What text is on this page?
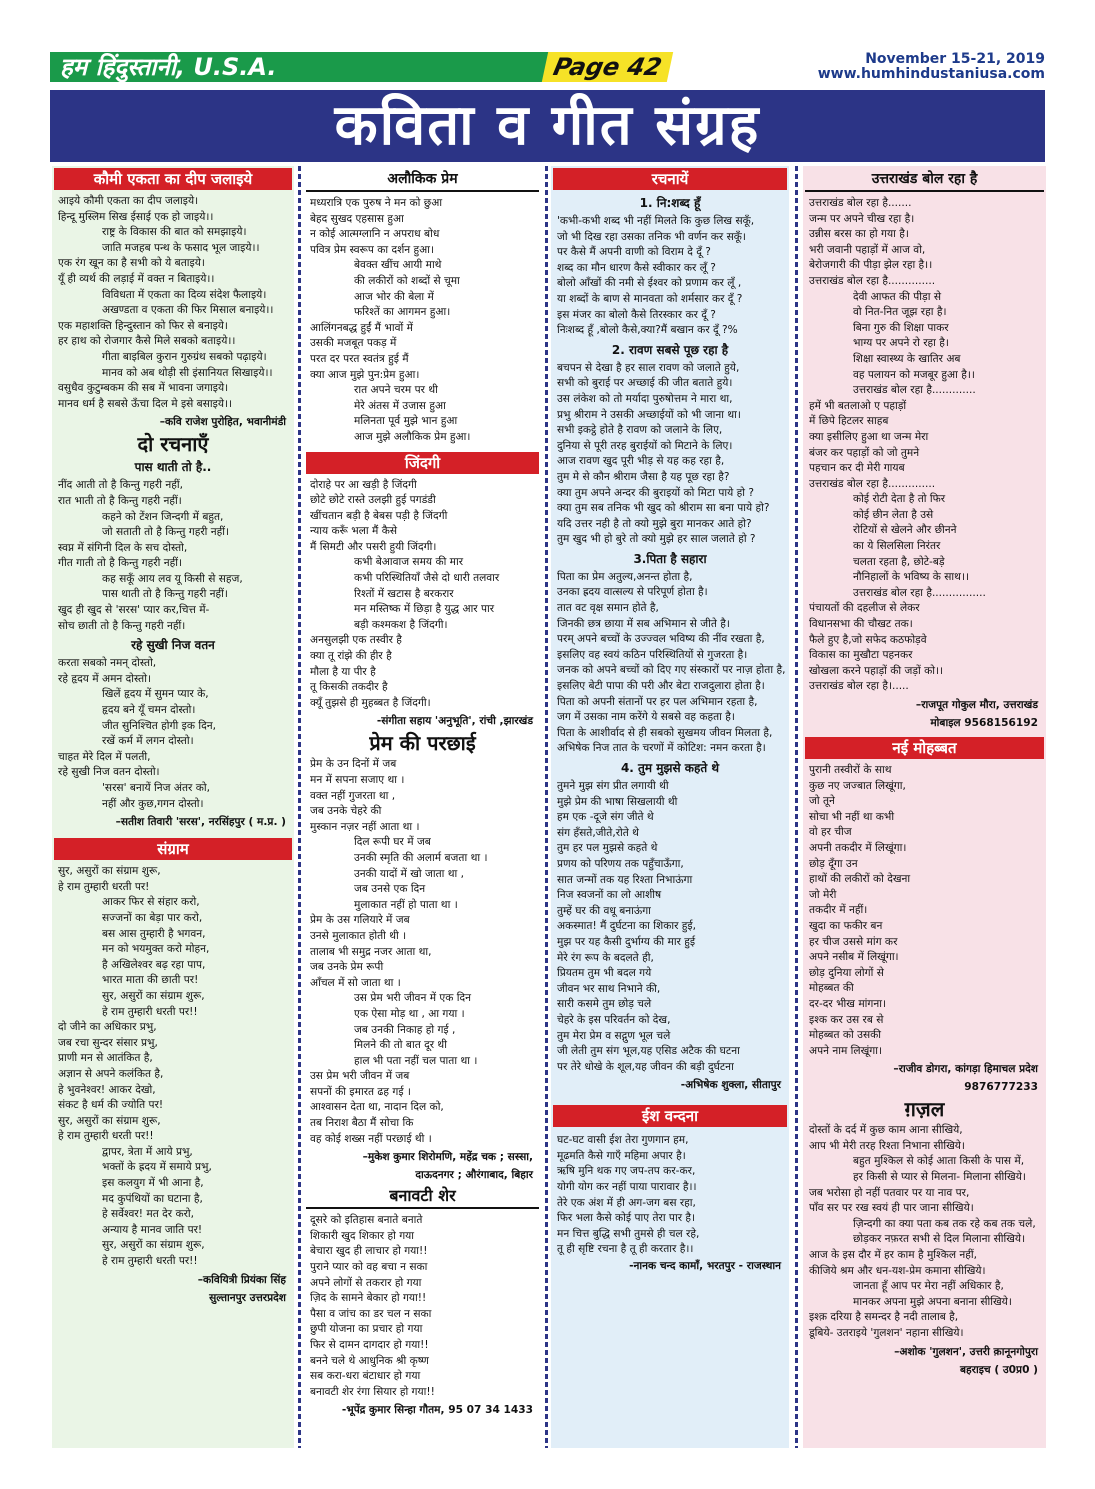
हम हिंदुस्तानी, U.S.A.	Page 42	November 15-21, 2019
www.humhindustaniusa.com
कविता व गीत संग्रह
कौमी एकता का दीप जलाइये
आइये कौमी एकता का दीप जलाइये।
हिन्दू मुस्लिम सिख ईसाई एक हो जाइये।।
राष्ट्र के विकास की बात को समझाइये।
जाति मजहब पन्थ के फसाद भूल जाइये।।
एक रंग खून का है सभी को ये बताइये।
यूँ ही व्यर्थ की लड़ाई में वक्त न बिताइये।।
विविधता में एकता का दिव्य संदेश फैलाइये।
अखण्डता व एकता की फिर मिसाल बनाइये।।
एक महाशक्ति हिन्दुस्तान को फिर से बनाइये।
हर हाथ को रोजगार कैसे मिले सबको बताइये।।
गीता बाइबिल कुरान गुरुग्रंथ सबको पढ़ाइये।
मानव को अब थोड़ी सी इंसानियत सिखाइये।।
वसुधैव कुटुम्बकम की सब में भावना जगाइये।
मानव धर्म है सबसे ऊँचा दिल मे इसे बसाइये।।
–कवि राजेश पुरोहित, भवानीमंडी
दो रचनाएँ
पास थाती तो है..
नींद आती तो है किन्तु गहरी नहीं,
रात भाती तो है किन्तु गहरी नहीं।
कहने को टेंशन जिन्दगी में बहुत,
जो सताती तो है किन्तु गहरी नहीं।
स्वप्न में संगिनी दिल के सच दोस्तो,
गीत गाती तो है किन्तु गहरी नहीं।
कह सकूँ आय लव यू किसी से सहज,
पास थाती तो है किन्तु गहरी नहीं।
खुद ही खुद से 'सरस' प्यार कर,चित्त में-
सोच छाती तो है किन्तु गहरी नहीं।
रहे सुखी निज वतन
करता सबको नमन् दोस्तो,
रहे हृदय में अमन दोस्तो।
खिलें हृदय में सुमन प्यार के,
हृदय बने यूँ चमन दोस्तो।
जीत सुनिश्चित होगी इक दिन,
रखें कर्म में लगन दोस्तो।
चाहत मेरे दिल में पलती,
रहे सुखी निज वतन दोस्तो।
'सरस' बनायें निज अंतर को,
नहीं और कुछ,गगन दोस्तो।
–सतीश तिवारी 'सरस', नरसिंहपुर ( म.प्र. )
संग्राम
सुर, असुरों का संग्राम शुरू,
हे राम तुम्हारी धरती पर!
आकर फिर से संहार करो,
सज्जनों का बेड़ा पार करो,
बस आस तुम्हारी है भगवन,
मन को भयमुक्त करो मोहन,
है अखिलेश्वर बढ़ रहा पाप,
भारत माता की छाती पर!
सुर, असुरों का संग्राम शुरू,
हे राम तुम्हारी धरती पर!!
दो जीने का अधिकार प्रभु,
जब रचा सुन्दर संसार प्रभु,
प्राणी मन से आतंकित है,
अज्ञान से अपने कलंकित है,
हे भुवनेश्वर! आकर देखो,
संकट है धर्म की ज्योति पर!
सुर, असुरों का संग्राम शुरू,
हे राम तुम्हारी धरती पर!!
द्वापर, त्रेता में आये प्रभु,
भक्तों के ह्रदय में समाये प्रभु,
इस कलयुग में भी आना है,
मद कुपंथियों का घटाना है,
हे सर्वेश्वर! मत देर करो,
अन्याय है मानव जाति पर!
सुर, असुरों का संग्राम शुरू,
हे राम तुम्हारी धरती पर!!
–कवियित्री प्रियंका सिंह
सुल्तानपुर उत्तरप्रदेश
अलौकिक प्रेम
मध्यरात्रि एक पुरुष ने मन को छुआ
बेहद सुखद एहसास हुआ
न कोई आत्मग्लानि न अपराध बोध
पवित्र प्रेम स्वरूप का दर्शन हुआ।
बेवक्त खींच आयी माथे
की लकीरों को शब्दों से चूमा
आज भोर की बेला में
फरिश्तें का आगमन हुआ।
आलिंगनबद्ध हुईं मैं भावों में
उसकी मजबूत पकड़ में
परत दर परत स्वतंत्र हुई मैं
क्या आज मुझे पुन:प्रेम हुआ।
रात अपने चरम पर थी
मेरे अंतस में उजास हुआ
मलिनता पूर्व मुझे भान हुआ
आज मुझे अलौकिक प्रेम हुआ।
जिंदगी
दोराहे पर आ खड़ी है जिंदगी
छोटे छोटे रास्ते उलझी हुई पगडंडी
खींचतान बड़ी है बेबस पड़ी है जिंदगी
न्याय करूँ भला मैं कैसे
मैं सिमटी और पसरी हुयी जिंदगी।
कभी बेआवाज समय की मार
कभी परिस्थितियाँ जैसे दो धारी तलवार
रिश्तों में खटास है बरकरार
मन मस्तिष्क में छिड़ा है युद्ध आर पार
बड़ी कश्मकश है जिंदगी।
अनसुलझी एक तस्वीर है
क्या तू रांझे की हीर है
मौला है या पीर है
तू किसकी तकदीर है
क्यूँ तुझसे ही मुहब्बत है जिंदगी।
-संगीता सहाय 'अनुभूति', रांची ,झारखंड
प्रेम की परछाई
प्रेम के उन दिनों में जब
मन में सपना सजाए था ।
वक्त नहीं गुजरता था ,
जब उनके चेहरे की
मुस्कान नज़र नहीं आता था ।
दिल रूपी घर में जब
उनकी स्मृति की अलार्म बजता था ।
उनकी यादों में खो जाता था ,
जब उनसे एक दिन
मुलाकात नहीं हो पाता था ।
प्रेम के उस गलियारे में जब
उनसे मुलाकात होती थी ।
तालाब भी समुद्र नजर आता था,
जब उनके प्रेम रूपी
आँचल में सो जाता था ।
उस प्रेम भरी जीवन में एक दिन
एक ऐसा मोड़ था , आ गया ।
जब उनकी निकाह हो गई ,
मिलने की तो बात दूर थी
हाल भी पता नहीं चल पाता था ।
उस प्रेम भरी जीवन में जब
सपनों की इमारत ढह गई ।
आश्वासन देता था, नादान दिल को,
तब निराश बैठा मैं सोचा कि
वह कोई शख्स नहीं परछाई थी ।
–मुकेश कुमार शिरोमणि, महेंद्र चक ; सस्सा,
दाऊदनगर ; औरंगाबाद, बिहार
बनावटी शेर
दूसरे को इतिहास बनाते बनाते
शिकारी खुद शिकार हो गया
बेचारा खुद ही लाचार हो गया!!
पुराने प्यार को वह बचा न सका
अपने लोगों से तकरार हो गया
ज़िद के सामने बेकार हो गया!!
पैसा व जांच का डर चल न सका
छुपी योजना का प्रचार हो गया
फिर से दामन दागदार हो गया!!
बनने चले थे आधुनिक श्री कृष्ण
सब करा-धरा बंटाधार हो गया
बनावटी शेर रंगा सियार हो गया!!
-भूपेंद्र कुमार सिन्हा गौतम, 95 07 34 1433
रचनायें
1. नि:शब्द हूँ
'कभी-कभी शब्द भी नहीं मिलते कि कुछ लिख सकूँ,
जो भी दिख रहा उसका तनिक भी वर्णन कर सकूँ।
पर कैसे मैं अपनी वाणी को विराम दे दूँ ?
शब्द का मौन धारण कैसे स्वीकार कर लूँ ?
बोलो आँखों की नमी से ईश्वर को प्रणाम कर लूँ ,
या शब्दों के बाण से मानवता को शर्मसार कर दूँ ?
इस मंजर का बोलो कैसे तिरस्कार कर दूँ ?
निःशब्द हूँ ,बोलो कैसे,क्या?मैं बखान कर दूँ ?%
2. रावण सबसे पूछ रहा है
बचपन से देखा है हर साल रावण को जलाते हुये,
सभी को बुराई पर अच्छाई की जीत बताते हुये।
उस लंकेश को तो मर्यादा पुरुषोत्तम ने मारा था,
प्रभु श्रीराम ने उसकी अच्छाईयों को भी जाना था।
सभी इकट्ठे होते है रावण को जलाने के लिए,
दुनिया से पूरी तरह बुराईयों को मिटाने के लिए।
आज रावण खुद पूरी भीड़ से यह कह रहा है,
तुम मे से कौन श्रीराम जैसा है यह पूछ रहा है?
क्या तुम अपने अन्दर की बुराइयों को मिटा पाये हो ?
क्या तुम सब तनिक भी खुद को श्रीराम सा बना पाये हो?
यदि उत्तर नही है तो क्यो मुझे बुरा मानकर आते हो?
तुम खुद भी हो बुरे तो क्यो मुझे हर साल जलाते हो ?
3.पिता है सहारा
पिता का प्रेम अतुल्य,अनन्त होता है,
उनका ह्रदय वात्सल्य से परिपूर्ण होता है।
तात वट वृक्ष समान होते है,
जिनकी छत्र छाया में सब अभिमान से जीते है।
परम् अपने बच्चों के उज्ज्वल भविष्य की नींव रखता है,
इसलिए वह स्वयं कठिन परिस्थितियों से गुजरता है।
जनक को अपने बच्चों को दिए गए संस्कारों पर नाज़ होता है,
इसलिए बेटी पापा की परी और बेटा राजदुलारा होता है।
पिता को अपनी संतानों पर हर पल अभिमान रहता है,
जग में उसका नाम करेंगे ये सबसे वह कहता है।
पिता के आशीर्वाद से ही सबको सुखमय जीवन मिलता है,
अभिषेक निज तात के चरणों में कोटिश: नमन करता है।
4. तुम मुझसे कहते थे
तुमने मुझ संग प्रीत लगायी थी
मुझे प्रेम की भाषा सिखलायी थी
हम एक -दूजे संग जीते थे
संग हँसते,जीते,रोते थे
तुम हर पल मुझसे कहते थे
प्रणय को परिणय तक पहुँचाऊँगा,
सात जन्मों तक यह रिश्ता निभाऊंगा
निज स्वजनों का लो आशीष
तुम्हें घर की वधू बनाऊंगा
अकस्मात! मैं दुर्घटना का शिकार हुई,
मुझ पर यह कैसी दुर्भाग्य की मार हुई
मेरे रंग रूप के बदलते ही,
प्रियतम तुम भी बदल गये
जीवन भर साथ निभाने की,
सारी कसमे तुम छोड़ चले
चेहरे के इस परिवर्तन को देख,
तुम मेरा प्रेम व सद्गुण भूल चले
जी लेती तुम संग भूल,यह एसिड अटैक की घटना
पर तेरे धोखे के शूल,यह जीवन की बड़ी दुर्घटना
-अभिषेक शुक्ला, सीतापुर
ईश वन्दना
घट-घट वासी ईश तेरा गुणगान हम,
मूढमति कैसे गाएँ महिमा अपार है।
ऋषि मुनि थक गए जप-तप कर-कर,
योगी योग कर नहीं पाया पारावार है।।
तेरे एक अंश में ही अग-जग बस रहा,
फिर भला कैसे कोई पाए तेरा पार है।
मन चित्त बुद्धि सभी तुमसे ही चल रहे,
तू ही सृष्टि रचना है तू ही करतार है।।
-नानक चन्द कामाँ, भरतपुर - राजस्थान
उत्तराखंड बोल रहा है
उत्तराखंड बोल रहा है.......
जन्म पर अपने चीख रहा है।
उन्नीस बरस का हो गया है।
भरी जवानी पहाड़ों में आज वो,
बेरोजगारी की पीड़ा झेल रहा है।।
उत्तराखंड बोल रहा है..............
देवी आफत की पीड़ा से
वो नित-नित जूझ रहा है।
बिना गुरु की शिक्षा पाकर
भाग्य पर अपने रो रहा है।
शिक्षा स्वास्थ्य के खातिर अब
वह पलायन को मजबूर हुआ है।।
उत्तराखंड बोल रहा है.............
हमें भी बतलाओ ए पहाड़ों
में छिपे हिटलर साहब
क्या इसीलिए हुआ था जन्म मेरा
बंजर कर पहाड़ों को जो तुमने
पहचान कर दी मेरी गायब
उत्तराखंड बोल रहा है..............
कोई रोटी देता है तो फिर
कोई छीन लेता है उसे
रोटियों से खेलने और छीनने
का ये सिलसिला निरंतर
चलता रहता है, छोटे-बड़े
नौनिहालों के भविष्य के साथ।।
उत्तराखंड बोल रहा है................
पंचायतों की दहलीज से लेकर
विधानसभा की चौखट तक।
फैले हुए है,जो सफेद कठफोड़वे
विकास का मुखौटा पहनकर
खोखला करने पहाड़ों की जड़ों को।।
उत्तराखंड बोल रहा है।.....
–राजपूत गोकुल मौरा, उत्तराखंड
मोबाइल 9568156192
नई मोहब्बत
पुरानी तस्वीरों के साथ
कुछ नए जज्बात लिखूंगा,
जो तूने
सोचा भी नहीं था कभी
वो हर चीज
अपनी तकदीर में लिखूंगा।
छोड़ दूँगा उन
हाथों की लकीरों को देखना
जो मेरी
तकदीर में नहीं।
खुदा का फकीर बन
हर चीज उससे मांग कर
अपने नसीब में लिखूंगा।
छोड़ दुनिया लोगों से
मोहब्बत की
दर-दर भीख मांगना।
इश्क कर उस रब से
मोहब्बत को उसकी
अपने नाम लिखूंगा।
–राजीव डोगरा, कांगड़ा हिमाचल प्रदेश
9876777233
ग़ज़ल
दोस्तों के दर्द में कुछ काम आना सीखिये,
आप भी मेरी तरह रिश्ता निभाना सीखिये।
बहुत मुश्किल से कोई आता किसी के पास में,
हर किसी से प्यार से मिलना- मिलाना सीखिये।
जब भरोसा हो नहीं पतवार पर या नाव पर,
पाँव सर पर रख स्वयं ही पार जाना सीखिये।
ज़िन्दगी का क्या पता कब तक रहे कब तक चले,
छोड़कर नफ़रत सभी से दिल मिलाना सीखिये।
आज के इस दौर में हर काम है मुश्किल नहीं,
कीजिये श्रम और धन-यश-प्रेम कमाना सीखिये।
जानता हूँ आप पर मेरा नहीं अधिकार है,
मानकर अपना मुझे अपना बनाना सीखिये।
इश्क़ दरिया है समन्दर है नदी तालाब है,
डूबिये- उतराइये 'गुलशन' नहाना सीखिये।
–अशोक 'गुलशन', उत्तरी क़ानूनगोपुरा
बहराइच ( उ0प्र0 )
